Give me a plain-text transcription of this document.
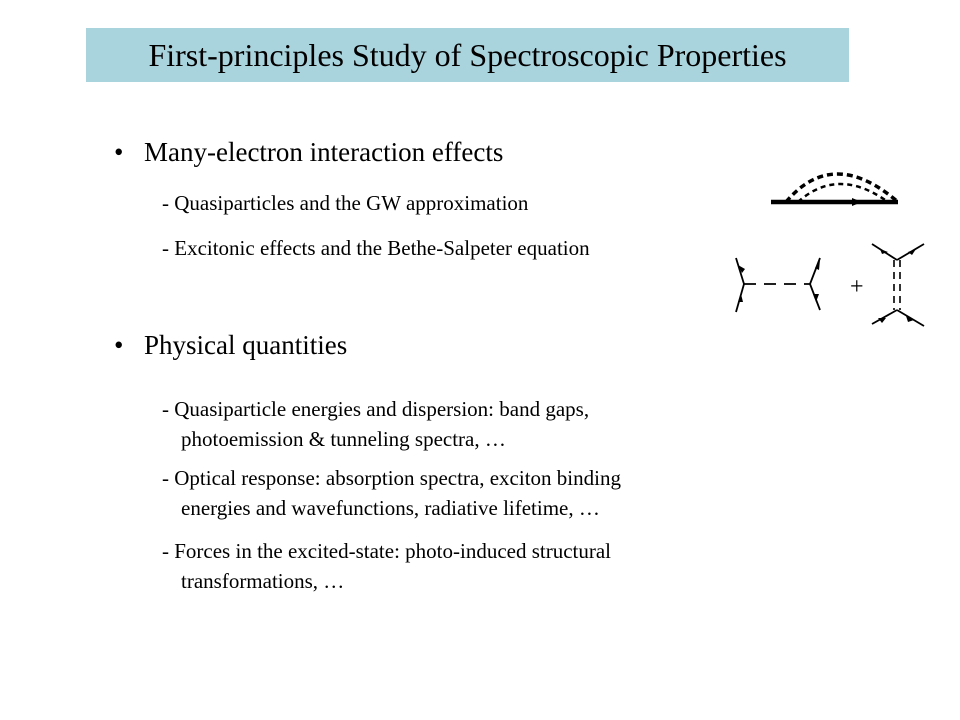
First-principles Study of Spectroscopic Properties
• Many-electron interaction effects
- Quasiparticles and the GW approximation
- Excitonic effects and the Bethe-Salpeter equation
• Physical quantities
- Quasiparticle energies and dispersion: band gaps,
photoemission & tunneling spectra, …
- Optical response: absorption spectra, exciton binding
energies and wavefunctions, radiative lifetime, …
- Forces in the excited-state: photo-induced structural
transformations, …
+
